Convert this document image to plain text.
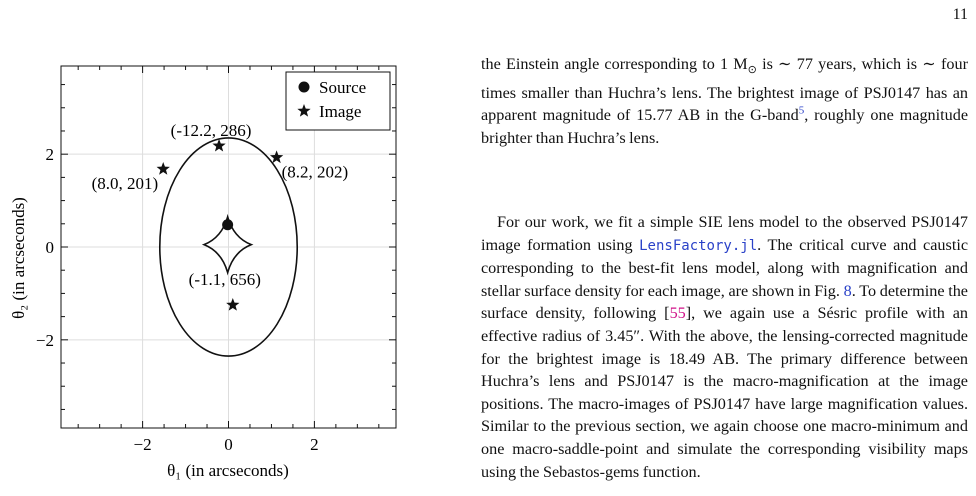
11
(-12.2, 286)
(8.0, 201)
(8.2, 202)
(-1.1, 656)
−2	0	2
−2
0
2
θ₁ (in arcseconds)
θ₂ (in arcseconds)
Source
Image

the Einstein angle corresponding to 1 $M_⊙$ is ∼ 77 years, which is ∼ four times smaller than Huchra’s lens. The brightest image of PSJ0147 has an apparent magnitude of 15.77 AB in the G-band$^5$, roughly one magnitude brighter than Huchra’s lens.

For our work, we fit a simple SIE lens model to the observed PSJ0147 image formation using LensFactory.jl. The critical curve and caustic corresponding to the best-fit lens model, along with magnification and stellar surface density for each image, are shown in Fig. 8. To determine the surface density, following [55], we again use a Sésric profile with an effective radius of 3.45″. With the above, the lensing-corrected magnitude for the brightest image is 18.49 AB. The primary difference between Huchra’s lens and PSJ0147 is the macro-magnification at the image positions. The macro-images of PSJ0147 have large magnification values. Similar to the previous section, we again choose one macro-minimum and one macro-saddle-point and simulate the corresponding visibility maps using the Sebastos-gems function.
